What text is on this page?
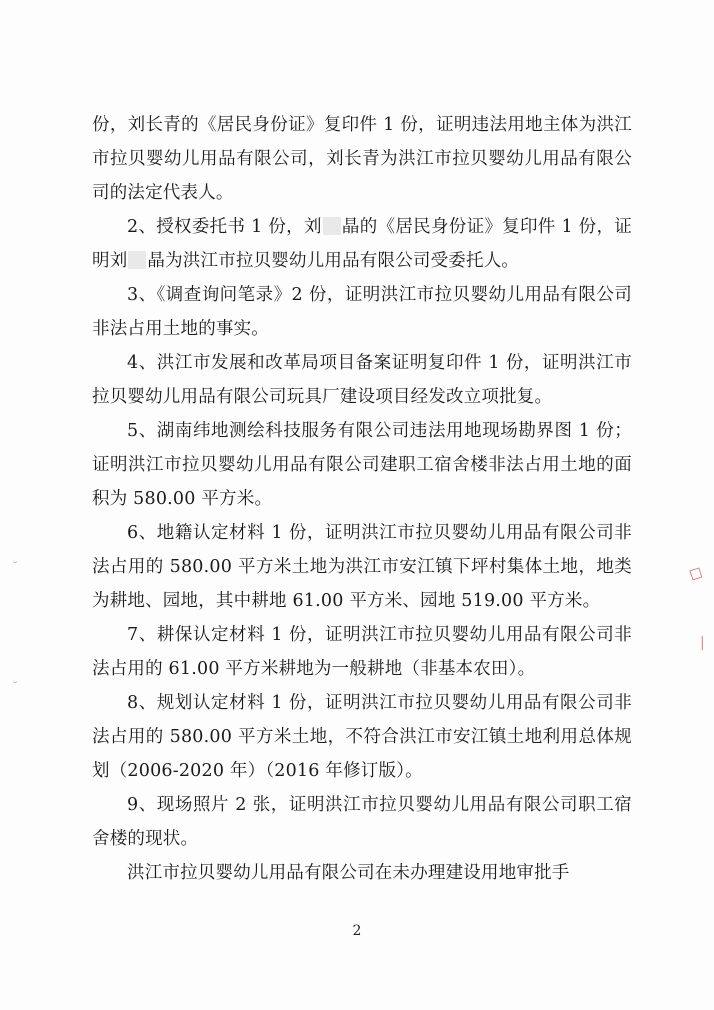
份，刘长青的《居民身份证》复印件 1 份，证明违法用地主体为洪江市拉贝婴幼儿用品有限公司，刘长青为洪江市拉贝婴幼儿用品有限公司的法定代表人。

2、授权委托书 1 份，刘 晶的《居民身份证》复印件 1 份，证明刘 晶为洪江市拉贝婴幼儿用品有限公司受委托人。

3、《调查询问笔录》2 份，证明洪江市拉贝婴幼儿用品有限公司非法占用土地的事实。

4、洪江市发展和改革局项目备案证明复印件 1 份，证明洪江市拉贝婴幼儿用品有限公司玩具厂建设项目经发改立项批复。

5、湖南纬地测绘科技服务有限公司违法用地现场勘界图 1 份；证明洪江市拉贝婴幼儿用品有限公司建职工宿舍楼非法占用土地的面积为 580.00 平方米。

6、地籍认定材料 1 份，证明洪江市拉贝婴幼儿用品有限公司非法占用的 580.00 平方米土地为洪江市安江镇下坪村集体土地，地类为耕地、园地，其中耕地 61.00 平方米、园地 519.00 平方米。

7、耕保认定材料 1 份，证明洪江市拉贝婴幼儿用品有限公司非法占用的 61.00 平方米耕地为一般耕地（非基本农田）。

8、规划认定材料 1 份，证明洪江市拉贝婴幼儿用品有限公司非法占用的 580.00 平方米土地，不符合洪江市安江镇土地利用总体规划（2006-2020 年）（2016 年修订版）。

9、现场照片 2 张，证明洪江市拉贝婴幼儿用品有限公司职工宿舍楼的现状。

洪江市拉贝婴幼儿用品有限公司在未办理建设用地审批手

2
☐
|
˘
˘
